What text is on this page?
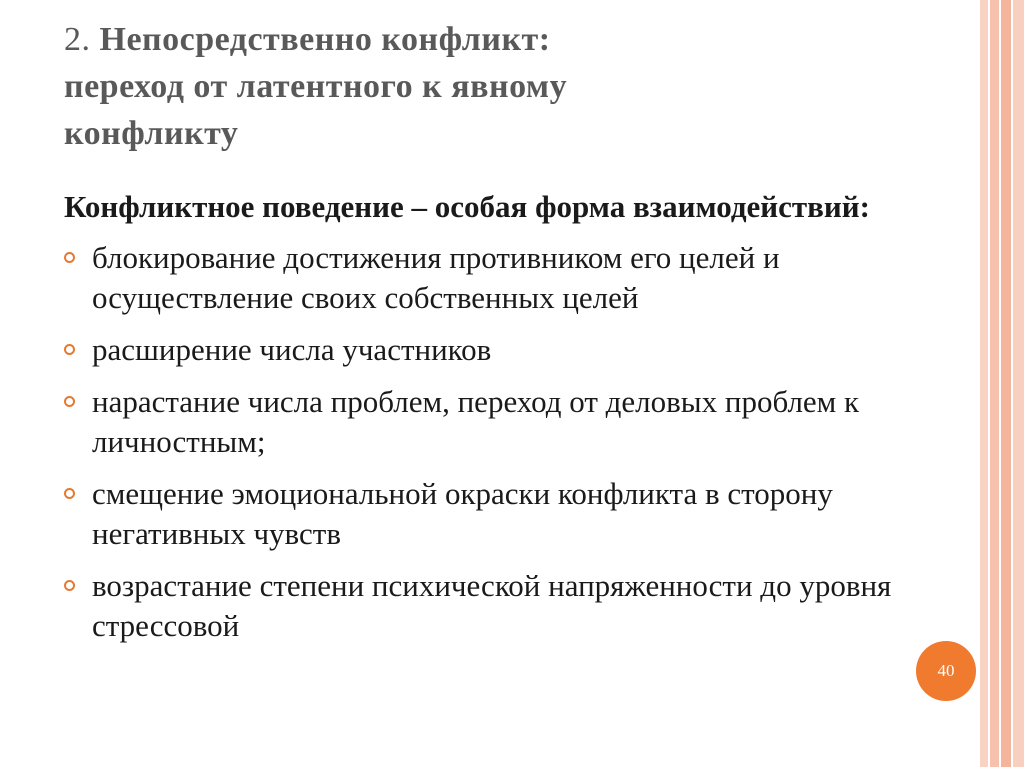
2. Непосредственно конфликт:
переход от латентного к явному
конфликту

Конфликтное поведение – особая форма взаимодействий:

блокирование достижения противником его целей и осуществление своих собственных целей
расширение числа участников
нарастание числа проблем, переход от деловых проблем к личностным;
смещение эмоциональной окраски конфликта в сторону негативных чувств
возрастание степени психической напряженности до уровня стрессовой
40
